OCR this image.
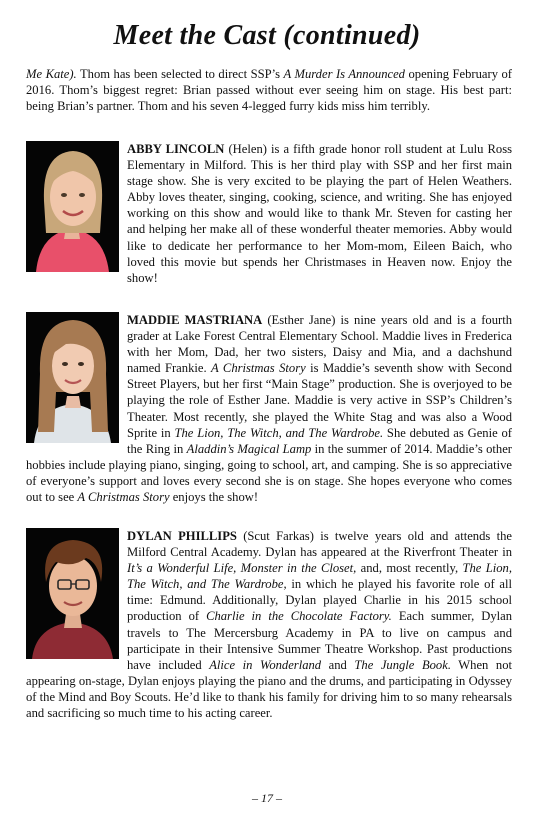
Meet the Cast (continued)

Me Kate). Thom has been selected to direct SSP’s A Murder Is Announced opening February of 2016. Thom’s biggest regret: Brian passed without ever seeing him on stage. His best part: being Brian’s partner. Thom and his seven 4-legged furry kids miss him terribly.

ABBY LINCOLN (Helen) is a fifth grade honor roll student at Lulu Ross Elementary in Milford. This is her third play with SSP and her first main stage show. She is very excited to be playing the part of Helen Weathers. Abby loves theater, singing, cooking, science, and writing. She has enjoyed working on this show and would like to thank Mr. Steven for casting her and helping her make all of these wonderful theater memories. Abby would like to dedicate her performance to her Mom-mom, Eileen Baich, who loved this movie but spends her Christmases in Heaven now. Enjoy the show!
MADDIE MASTRIANA (Esther Jane) is nine years old and is a fourth grader at Lake Forest Central Elementary School. Maddie lives in Frederica with her Mom, Dad, her two sisters, Daisy and Mia, and a dachshund named Frankie. A Christmas Story is Maddie’s seventh show with Second Street Players, but her first “Main Stage” production. She is overjoyed to be playing the role of Esther Jane. Maddie is very active in SSP’s Children’s Theater. Most recently, she played the White Stag and was also a Wood Sprite in The Lion, The Witch, and The Wardrobe. She debuted as Genie of the Ring in Aladdin’s Magical Lamp in the summer of 2014. Maddie’s other hobbies include playing piano, singing, going to school, art, and camping. She is so appreciative of everyone’s support and loves every second she is on stage. She hopes everyone who comes out to see A Christmas Story enjoys the show!
DYLAN PHILLIPS (Scut Farkas) is twelve years old and attends the Milford Central Academy. Dylan has appeared at the Riverfront Theater in It’s a Wonderful Life, Monster in the Closet, and, most recently, The Lion, The Witch, and The Wardrobe, in which he played his favorite role of all time: Edmund. Additionally, Dylan played Charlie in his 2015 school production of Charlie in the Chocolate Factory. Each summer, Dylan travels to The Mercersburg Academy in PA to live on campus and participate in their Intensive Summer Theatre Workshop. Past productions have included Alice in Wonderland and The Jungle Book. When not appearing on-stage, Dylan enjoys playing the piano and the drums, and participating in Odyssey of the Mind and Boy Scouts. He’d like to thank his family for driving him to so many rehearsals and sacrificing so much time to his acting career.
– 17 –
